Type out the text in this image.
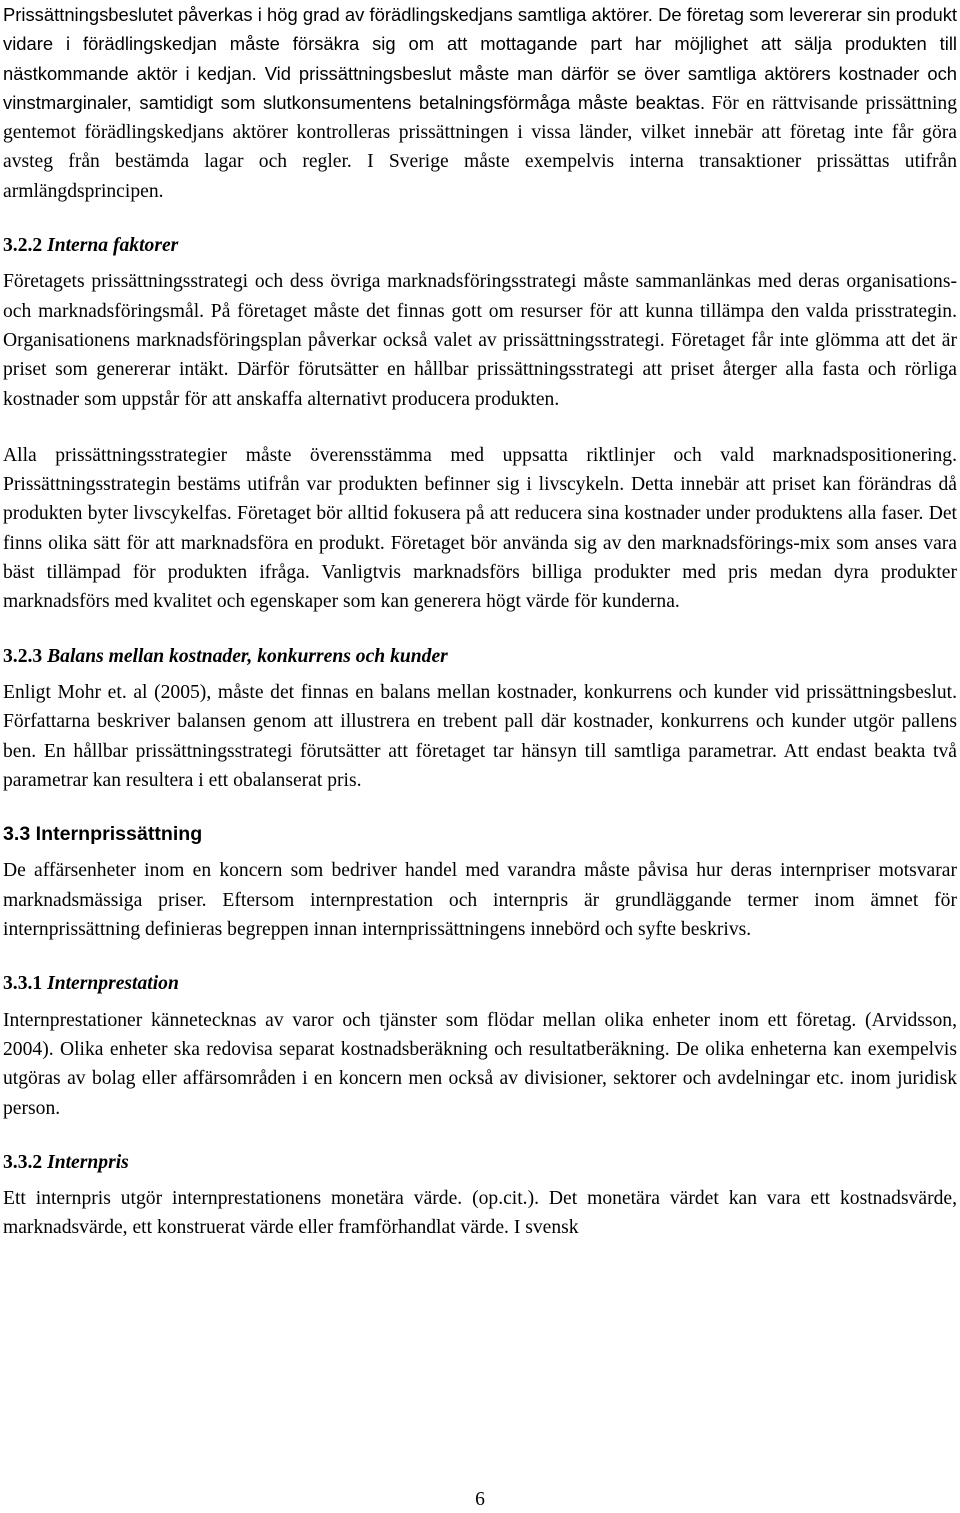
Prissättningsbeslutet påverkas i hög grad av förädlingskedjans samtliga aktörer. De företag som levererar sin produkt vidare i förädlingskedjan måste försäkra sig om att mottagande part har möjlighet att sälja produkten till nästkommande aktör i kedjan. Vid prissättningsbeslut måste man därför se över samtliga aktörers kostnader och vinstmarginaler, samtidigt som slutkonsumentens betalningsförmåga måste beaktas. För en rättvisande prissättning gentemot förädlingskedjans aktörer kontrolleras prissättningen i vissa länder, vilket innebär att företag inte får göra avsteg från bestämda lagar och regler. I Sverige måste exempelvis interna transaktioner prissättas utifrån armlängdsprincipen.

3.2.2 Interna faktorer

Företagets prissättningsstrategi och dess övriga marknadsföringsstrategi måste sammanlänkas med deras organisations- och marknadsföringsmål. På företaget måste det finnas gott om resurser för att kunna tillämpa den valda prisstrategin. Organisationens marknadsföringsplan påverkar också valet av prissättningsstrategi. Företaget får inte glömma att det är priset som genererar intäkt. Därför förutsätter en hållbar prissättningsstrategi att priset återger alla fasta och rörliga kostnader som uppstår för att anskaffa alternativt producera produkten.

Alla prissättningsstrategier måste överensstämma med uppsatta riktlinjer och vald marknadspositionering. Prissättningsstrategin bestäms utifrån var produkten befinner sig i livscykeln. Detta innebär att priset kan förändras då produkten byter livscykelfas. Företaget bör alltid fokusera på att reducera sina kostnader under produktens alla faser. Det finns olika sätt för att marknadsföra en produkt. Företaget bör använda sig av den marknadsförings-mix som anses vara bäst tillämpad för produkten ifråga. Vanligtvis marknadsförs billiga produkter med pris medan dyra produkter marknadsförs med kvalitet och egenskaper som kan generera högt värde för kunderna.

3.2.3 Balans mellan kostnader, konkurrens och kunder

Enligt Mohr et. al (2005), måste det finnas en balans mellan kostnader, konkurrens och kunder vid prissättningsbeslut. Författarna beskriver balansen genom att illustrera en trebent pall där kostnader, konkurrens och kunder utgör pallens ben. En hållbar prissättningsstrategi förutsätter att företaget tar hänsyn till samtliga parametrar. Att endast beakta två parametrar kan resultera i ett obalanserat pris.

3.3 Internprissättning

De affärsenheter inom en koncern som bedriver handel med varandra måste påvisa hur deras internpriser motsvarar marknadsmässiga priser. Eftersom internprestation och internpris är grundläggande termer inom ämnet för internprissättning definieras begreppen innan internprissättningens innebörd och syfte beskrivs.

3.3.1 Internprestation

Internprestationer kännetecknas av varor och tjänster som flödar mellan olika enheter inom ett företag. (Arvidsson, 2004). Olika enheter ska redovisa separat kostnadsberäkning och resultatberäkning. De olika enheterna kan exempelvis utgöras av bolag eller affärsområden i en koncern men också av divisioner, sektorer och avdelningar etc. inom juridisk person.

3.3.2 Internpris

Ett internpris utgör internprestationens monetära värde. (op.cit.). Det monetära värdet kan vara ett kostnadsvärde, marknadsvärde, ett konstruerat värde eller framförhandlat värde. I svensk

6
